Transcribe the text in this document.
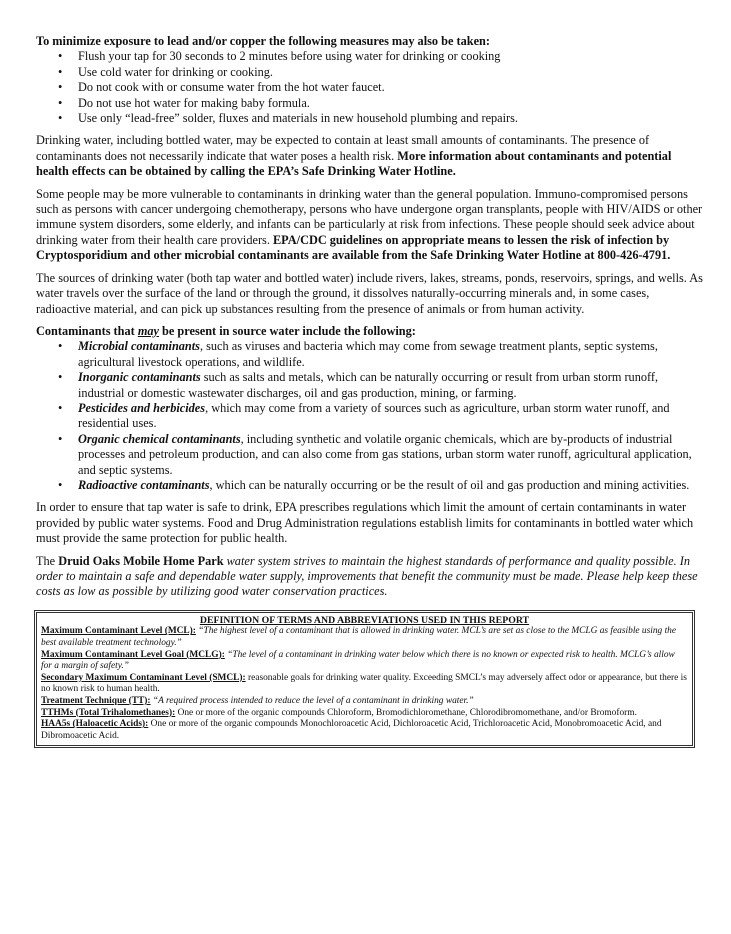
To minimize exposure to lead and/or copper the following measures may also be taken:

• Flush your tap for 30 seconds to 2 minutes before using water for drinking or cooking
• Use cold water for drinking or cooking.
• Do not cook with or consume water from the hot water faucet.
• Do not use hot water for making baby formula.
• Use only “lead-free” solder, fluxes and materials in new household plumbing and repairs.

Drinking water, including bottled water, may be expected to contain at least small amounts of contaminants. The presence of contaminants does not necessarily indicate that water poses a health risk. More information about contaminants and potential health effects can be obtained by calling the EPA’s Safe Drinking Water Hotline.

Some people may be more vulnerable to contaminants in drinking water than the general population. Immuno-compromised persons such as persons with cancer undergoing chemotherapy, persons who have undergone organ transplants, people with HIV/AIDS or other immune system disorders, some elderly, and infants can be particularly at risk from infections. These people should seek advice about drinking water from their health care providers. EPA/CDC guidelines on appropriate means to lessen the risk of infection by Cryptosporidium and other microbial contaminants are available from the Safe Drinking Water Hotline at 800-426-4791.

The sources of drinking water (both tap water and bottled water) include rivers, lakes, streams, ponds, reservoirs, springs, and wells. As water travels over the surface of the land or through the ground, it dissolves naturally-occurring minerals and, in some cases, radioactive material, and can pick up substances resulting from the presence of animals or from human activity.

Contaminants that may be present in source water include the following:

• Microbial contaminants, such as viruses and bacteria which may come from sewage treatment plants, septic systems, agricultural livestock operations, and wildlife.
• Inorganic contaminants such as salts and metals, which can be naturally occurring or result from urban storm runoff, industrial or domestic wastewater discharges, oil and gas production, mining, or farming.
• Pesticides and herbicides, which may come from a variety of sources such as agriculture, urban storm water runoff, and residential uses.
• Organic chemical contaminants, including synthetic and volatile organic chemicals, which are by-products of industrial processes and petroleum production, and can also come from gas stations, urban storm water runoff, agricultural application, and septic systems.
• Radioactive contaminants, which can be naturally occurring or be the result of oil and gas production and mining activities.

In order to ensure that tap water is safe to drink, EPA prescribes regulations which limit the amount of certain contaminants in water provided by public water systems. Food and Drug Administration regulations establish limits for contaminants in bottled water which must provide the same protection for public health.

The Druid Oaks Mobile Home Park water system strives to maintain the highest standards of performance and quality possible. In order to maintain a safe and dependable water supply, improvements that benefit the community must be made. Please help keep these costs as low as possible by utilizing good water conservation practices.

DEFINITION OF TERMS AND ABBREVIATIONS USED IN THIS REPORT

Maximum Contaminant Level (MCL): “The highest level of a contaminant that is allowed in drinking water. MCL’s are set as close to the MCLG as feasible using the best available treatment technology.”

Maximum Contaminant Level Goal (MCLG): “The level of a contaminant in drinking water below which there is no known or expected risk to health. MCLG’s allow for a margin of safety.”

Secondary Maximum Contaminant Level (SMCL): reasonable goals for drinking water quality. Exceeding SMCL’s may adversely affect odor or appearance, but there is no known risk to human health.

Treatment Technique (TT): “A required process intended to reduce the level of a contaminant in drinking water.”

TTHMs (Total Trihalomethanes): One or more of the organic compounds Chloroform, Bromodichloromethane, Chlorodibromomethane, and/or Bromoform.

HAA5s (Haloacetic Acids): One or more of the organic compounds Monochloroacetic Acid, Dichloroacetic Acid, Trichloroacetic Acid, Monobromoacetic Acid, and Dibromoacetic Acid.
